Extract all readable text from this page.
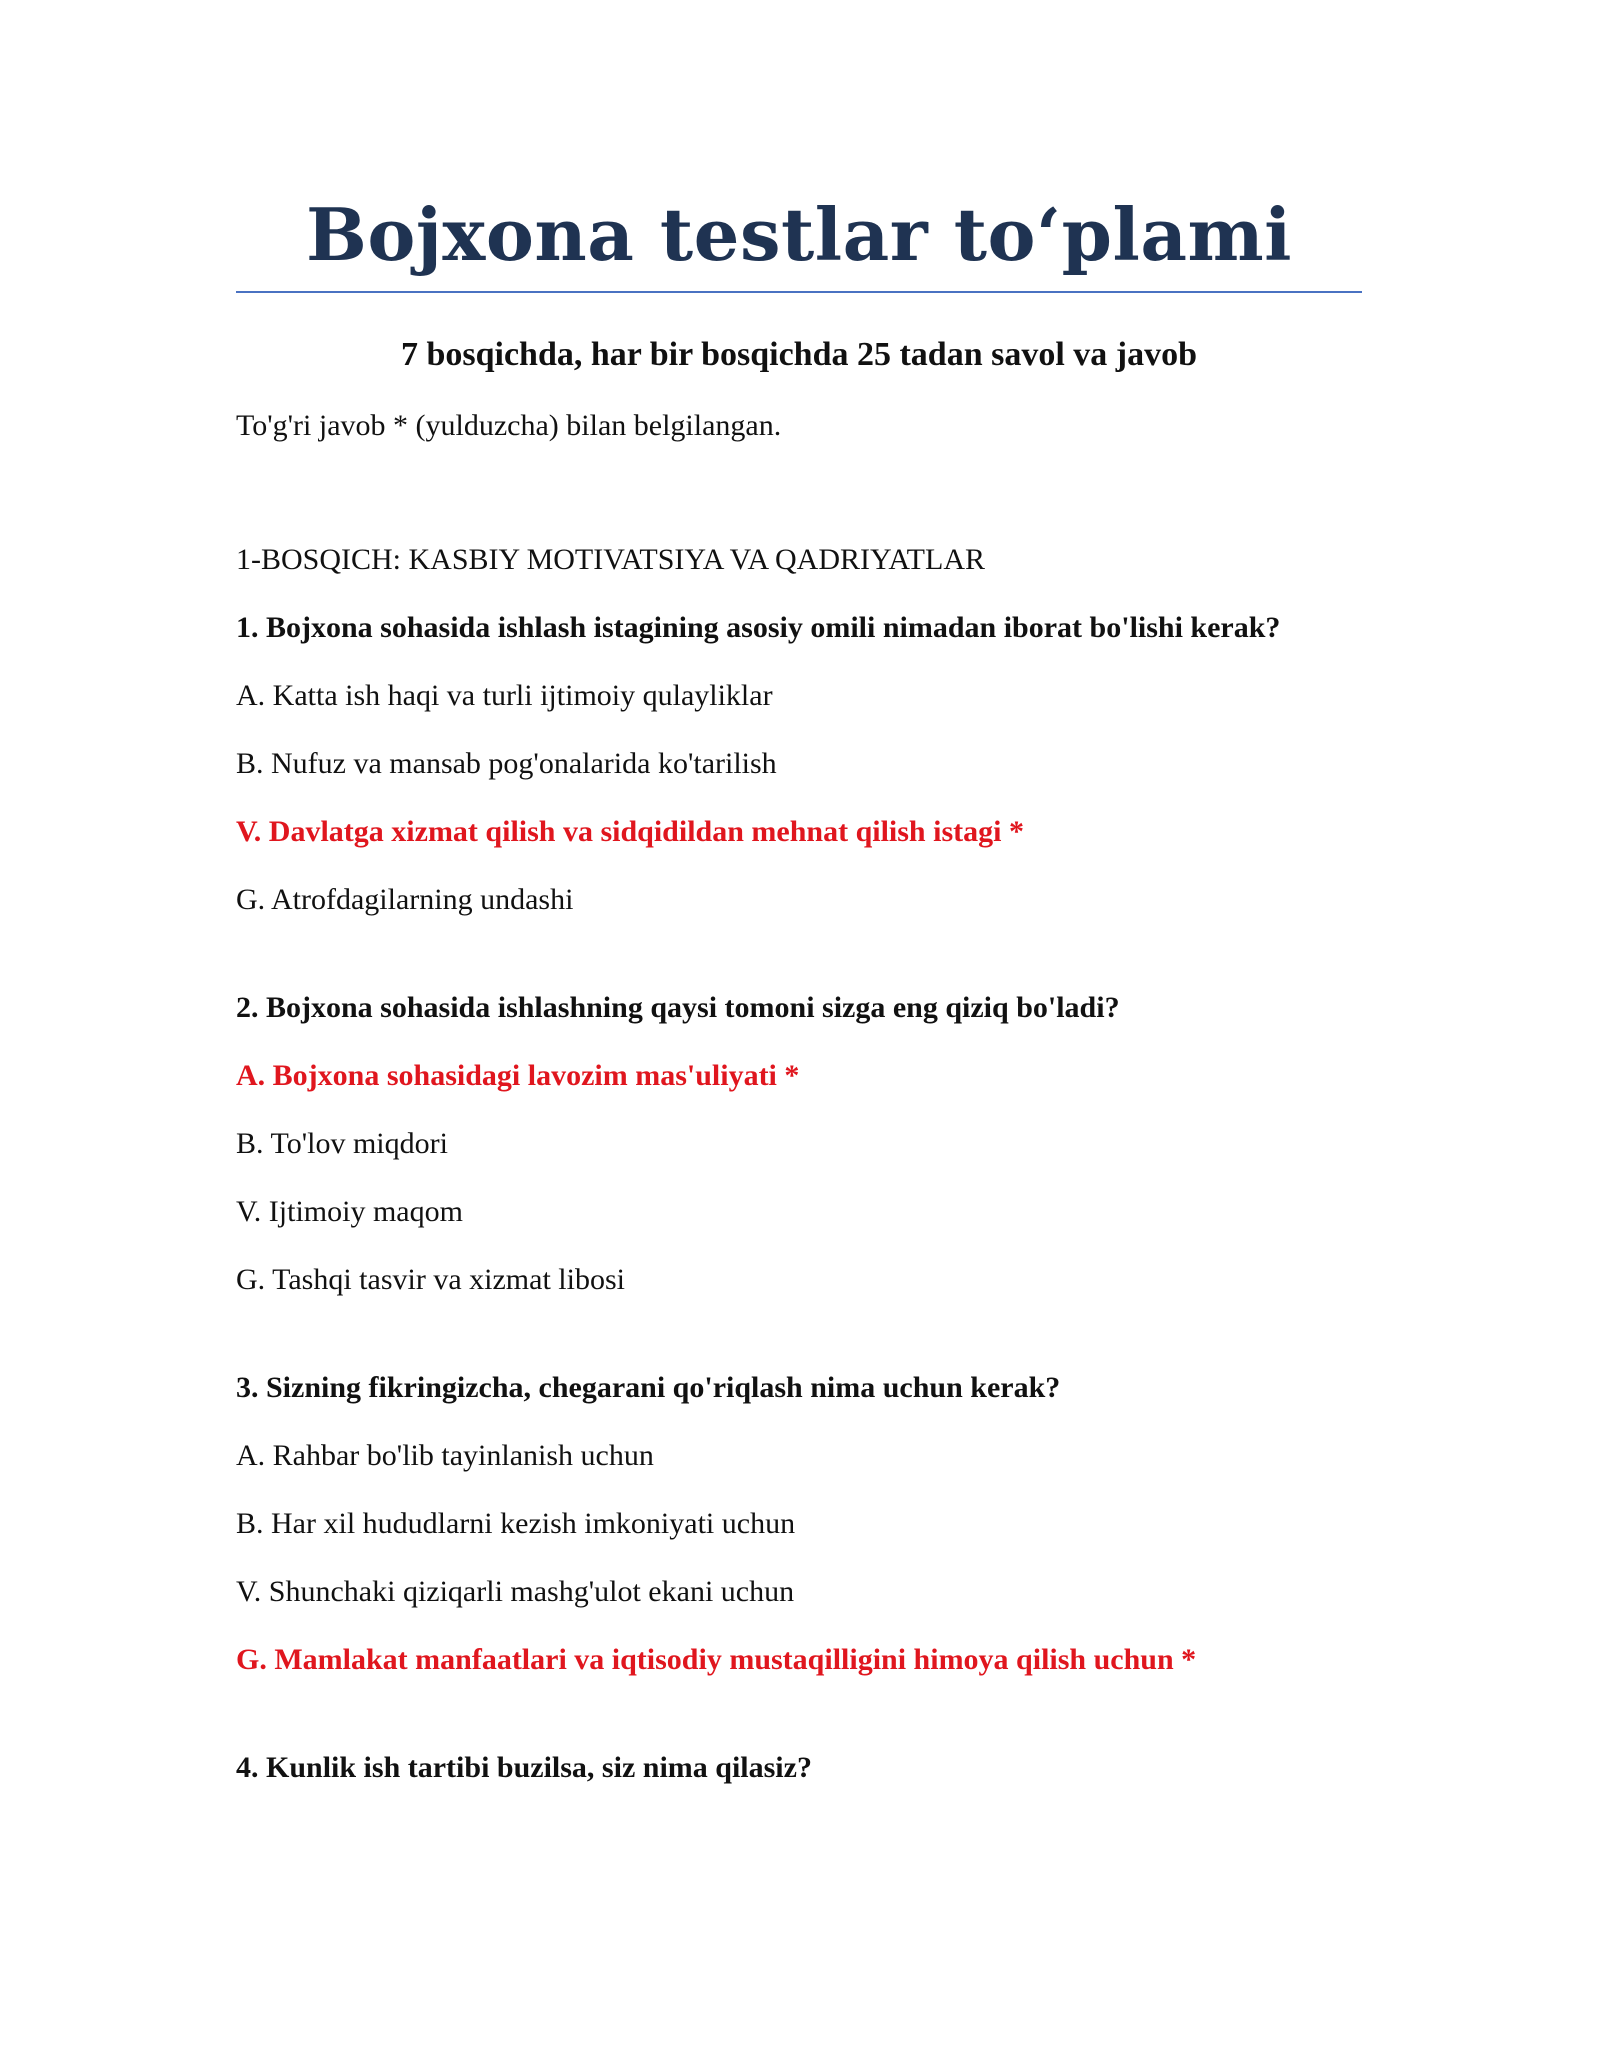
Bojxona testlar to‘plami
7 bosqichda, har bir bosqichda 25 tadan savol va javob

To'g'ri javob * (yulduzcha) bilan belgilangan.

1-BOSQICH: KASBIY MOTIVATSIYA VA QADRIYATLAR

1. Bojxona sohasida ishlash istagining asosiy omili nimadan iborat bo'lishi kerak?

A. Katta ish haqi va turli ijtimoiy qulayliklar

B. Nufuz va mansab pog'onalarida ko'tarilish

V. Davlatga xizmat qilish va sidqidildan mehnat qilish istagi *

G. Atrofdagilarning undashi

2. Bojxona sohasida ishlashning qaysi tomoni sizga eng qiziq bo'ladi?

A. Bojxona sohasidagi lavozim mas'uliyati *

B. To'lov miqdori

V. Ijtimoiy maqom

G. Tashqi tasvir va xizmat libosi

3. Sizning fikringizcha, chegarani qo'riqlash nima uchun kerak?

A. Rahbar bo'lib tayinlanish uchun

B. Har xil hududlarni kezish imkoniyati uchun

V. Shunchaki qiziqarli mashg'ulot ekani uchun

G. Mamlakat manfaatlari va iqtisodiy mustaqilligini himoya qilish uchun *

4. Kunlik ish tartibi buzilsa, siz nima qilasiz?
